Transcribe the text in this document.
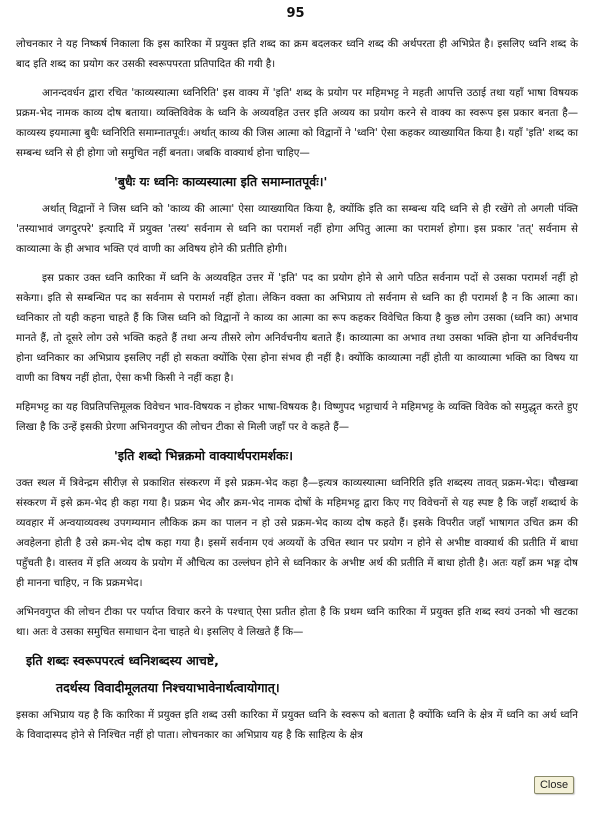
95

लोचनकार ने यह निष्कर्ष निकाला कि इस कारिका में प्रयुक्त इति शब्द का क्रम बदलकर ध्वनि शब्द की अर्थपरता ही अभिप्रेत है। इसलिए ध्वनि शब्द के बाद इति शब्द का प्रयोग कर उसकी स्वरूपपरता प्रतिपादित की गयी है।

आनन्दवर्धन द्वारा रचित 'काव्यस्यात्मा ध्वनिरिति' इस वाक्य में 'इति' शब्द के प्रयोग पर महिमभट्ट ने महती आपत्ति उठाई तथा यहाँ भाषा विषयक प्रक्रम-भेद नामक काव्य दोष बताया। व्यक्तिविवेक के ध्वनि के अव्यवहित उत्तर इति अव्यय का प्रयोग करने से वाक्य का स्वरूप इस प्रकार बनता है—काव्यस्य इयमात्मा बुधैः ध्वनिरिति समाम्नातपूर्वः। अर्थात् काव्य की जिस आत्मा को विद्वानों ने 'ध्वनि' ऐसा कहकर व्याख्यायित किया है। यहाँ 'इति' शब्द का सम्बन्ध ध्वनि से ही होगा जो समुचित नहीं बनता। जबकि वाक्यार्थ होना चाहिए—

'बुधैः यः ध्वनिः काव्यस्यात्मा इति समाम्नातपूर्वः।'

अर्थात् विद्वानों ने जिस ध्वनि को 'काव्य की आत्मा' ऐसा व्याख्यायित किया है, क्योंकि इति का सम्बन्ध यदि ध्वनि से ही रखेंगे तो अगली पंक्ति 'तस्याभावं जगदुरपरे' इत्यादि में प्रयुक्त 'तस्य' सर्वनाम से ध्वनि का परामर्श नहीं होगा अपितु आत्मा का परामर्श होगा। इस प्रकार 'तत्' सर्वनाम से काव्यात्मा के ही अभाव भक्ति एवं वाणी का अविषय होने की प्रतीति होगी।

इस प्रकार उक्त ध्वनि कारिका में ध्वनि के अव्यवहित उत्तर में 'इति' पद का प्रयोग होने से आगे पठित सर्वनाम पदों से उसका परामर्श नहीं हो सकेगा। इति से सम्बन्धित पद का सर्वनाम से परामर्श नहीं होता। लेकिन वक्ता का अभिप्राय तो सर्वनाम से ध्वनि का ही परामर्श है न कि आत्मा का। ध्वनिकार तो यही कहना चाहते हैं कि जिस ध्वनि को विद्वानों ने काव्य का आत्मा का रूप कहकर विवेचित किया है कुछ लोग उसका (ध्वनि का) अभाव मानते हैं, तो दूसरे लोग उसे भक्ति कहते हैं तथा अन्य तीसरे लोग अनिर्वचनीय बताते हैं। काव्यात्मा का अभाव तथा उसका भक्ति होना या अनिर्वचनीय होना ध्वनिकार का अभिप्राय इसलिए नहीं हो सकता क्योंकि ऐसा होना संभव ही नहीं है। क्योंकि काव्यात्मा नहीं होती या काव्यात्मा भक्ति का विषय या वाणी का विषय नहीं होता, ऐसा कभी किसी ने नहीं कहा है।

महिमभट्ट का यह विप्रतिपत्तिमूलक विवेचन भाव-विषयक न होकर भाषा-विषयक है। विष्णुपद भट्टाचार्य ने महिमभट्ट के व्यक्ति विवेक को समुद्धृत करते हुए लिखा है कि उन्हें इसकी प्रेरणा अभिनवगुप्त की लोचन टीका से मिली जहाँ पर वे कहते हैं—

'इति शब्दो भिन्नक्रमो वाक्यार्थपरामर्शकः।

उक्त स्थल में त्रिवेन्द्रम सीरीज़ से प्रकाशित संस्करण में इसे प्रक्रम-भेद कहा है—इत्यत्र काव्यस्यात्मा ध्वनिरिति इति शब्दस्य तावत् प्रक्रम-भेदः। चौखम्बा संस्करण में इसे क्रम-भेद ही कहा गया है। प्रक्रम भेद और क्रम-भेद नामक दोषों के महिमभट्ट द्वारा किए गए विवेचनों से यह स्पष्ट है कि जहाँ शब्दार्थ के व्यवहार में अन्वयाव्यवस्थ उपगम्यमान लौकिक क्रम का पालन न हो उसे प्रक्रम-भेद काव्य दोष कहते हैं। इसके विपरीत जहाँ भाषागत उचित क्रम की अवहेलना होती है उसे क्रम-भेद दोष कहा गया है। इसमें सर्वनाम एवं अव्ययों के उचित स्थान पर प्रयोग न होने से अभीष्ट वाक्यार्थ की प्रतीति में बाधा पहुँचती है। वास्तव में इति अव्यय के प्रयोग में औचित्य का उल्लंघन होने से ध्वनिकार के अभीष्ट अर्थ की प्रतीति में बाधा होती है। अतः यहाँ क्रम भङ्ग दोष ही मानना चाहिए, न कि प्रक्रमभेद।

अभिनवगुप्त की लोचन टीका पर पर्याप्त विचार करने के पश्चात् ऐसा प्रतीत होता है कि प्रथम ध्वनि कारिका में प्रयुक्त इति शब्द स्वयं उनको भी खटका था। अतः वे उसका समुचित समाधान देना चाहते थे। इसलिए वे लिखते हैं कि—

इति शब्दः स्वरूपपरत्वं ध्वनिशब्दस्य आचष्टे,
तदर्थस्य विवादीमूलतया निश्चयाभावेनार्थत्वायोगात्।

इसका अभिप्राय यह है कि कारिका में प्रयुक्त इति शब्द उसी कारिका में प्रयुक्त ध्वनि के स्वरूप को बताता है क्योंकि ध्वनि के क्षेत्र में ध्वनि का अर्थ ध्वनि के विवादास्पद होने से निश्चित नहीं हो पाता। लोचनकार का अभिप्राय यह है कि साहित्य के क्षेत्र

Close
